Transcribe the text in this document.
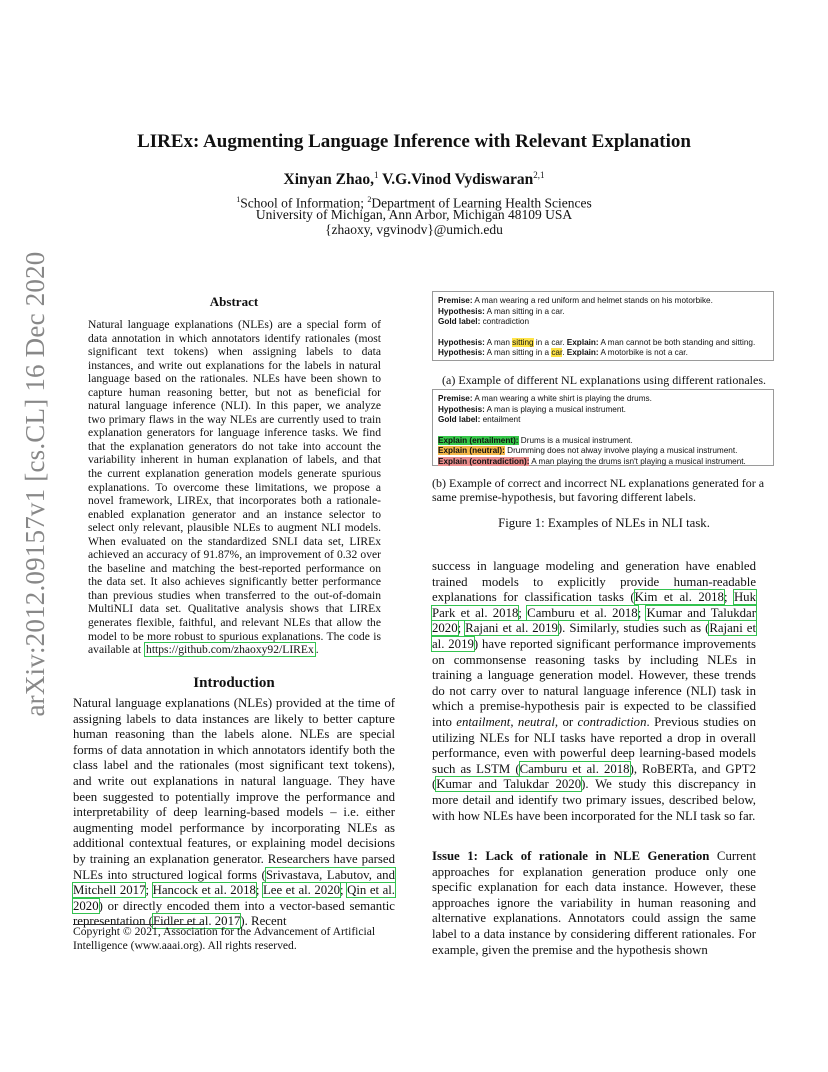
arXiv:2012.09157v1 [cs.CL] 16 Dec 2020
LIREx: Augmenting Language Inference with Relevant Explanation
Xinyan Zhao,$^1$ V.G.Vinod Vydiswaran$^{2,1}$
$^1$School of Information; $^2$Department of Learning Health Sciences
University of Michigan, Ann Arbor, Michigan 48109 USA
{zhaoxy, vgvinodv}@umich.edu
Abstract
Natural language explanations (NLEs) are a special form of data annotation in which annotators identify rationales (most significant text tokens) when assigning labels to data instances, and write out explanations for the labels in natural language based on the rationales. NLEs have been shown to capture human reasoning better, but not as beneficial for natural language inference (NLI). In this paper, we analyze two primary flaws in the way NLEs are currently used to train explanation generators for language inference tasks. We find that the explanation generators do not take into account the variability inherent in human explanation of labels, and that the current explanation generation models generate spurious explanations. To overcome these limitations, we propose a novel framework, LIREx, that incorporates both a rationale-enabled explanation generator and an instance selector to select only relevant, plausible NLEs to augment NLI models. When evaluated on the standardized SNLI data set, LIREx achieved an accuracy of 91.87%, an improvement of 0.32 over the baseline and matching the best-reported performance on the data set. It also achieves significantly better performance than previous studies when transferred to the out-of-domain MultiNLI data set. Qualitative analysis shows that LIREx generates flexible, faithful, and relevant NLEs that allow the model to be more robust to spurious explanations. The code is available at https://github.com/zhaoxy92/LIREx .
Introduction
Natural language explanations (NLEs) provided at the time of assigning labels to data instances are likely to better capture human reasoning than the labels alone. NLEs are special forms of data annotation in which annotators identify both the class label and the rationales (most significant text tokens), and write out explanations in natural language. They have been suggested to potentially improve the performance and interpretability of deep learning-based models – i.e. either augmenting model performance by incorporating NLEs as additional contextual features, or explaining model decisions by training an explanation generator. Researchers have parsed NLEs into structured logical forms (Srivastava, Labutov, and Mitchell 2017; Hancock et al. 2018; Lee et al. 2020; Qin et al. 2020) or directly encoded them into a vector-based semantic representation (Fidler et al. 2017). Recent
Copyright © 2021, Association for the Advancement of Artificial Intelligence (www.aaai.org). All rights reserved.
Premise: A man wearing a red uniform and helmet stands on his motorbike.
Hypothesis: A man sitting in a car.
Gold label: contradiction
Hypothesis: A man sitting in a car. Explain: A man cannot be both standing and sitting.
Hypothesis: A man sitting in a car. Explain: A motorbike is not a car.
(a) Example of different NL explanations using different rationales.
Premise: A man wearing a white shirt is playing the drums.
Hypothesis: A man is playing a musical instrument.
Gold label: entailment
Explain (entailment): Drums is a musical instrument.
Explain (neutral): Drumming does not alway involve playing a musical instrument.
Explain (contradiction): A man playing the drums isn't playing a musical instrument.
(b) Example of correct and incorrect NL explanations generated for a same premise-hypothesis, but favoring different labels.
Figure 1: Examples of NLEs in NLI task.
success in language modeling and generation have enabled trained models to explicitly provide human-readable explanations for classification tasks (Kim et al. 2018; Huk Park et al. 2018; Camburu et al. 2018; Kumar and Talukdar 2020; Rajani et al. 2019). Similarly, studies such as (Rajani et al. 2019) have reported significant performance improvements on commonsense reasoning tasks by including NLEs in training a language generation model. However, these trends do not carry over to natural language inference (NLI) task in which a premise-hypothesis pair is expected to be classified into entailment, neutral, or contradiction. Previous studies on utilizing NLEs for NLI tasks have reported a drop in overall performance, even with powerful deep learning-based models such as LSTM (Camburu et al. 2018), RoBERTa, and GPT2 (Kumar and Talukdar 2020). We study this discrepancy in more detail and identify two primary issues, described below, with how NLEs have been incorporated for the NLI task so far.
Issue 1: Lack of rationale in NLE Generation Current approaches for explanation generation produce only one specific explanation for each data instance. However, these approaches ignore the variability in human reasoning and alternative explanations. Annotators could assign the same label to a data instance by considering different rationales. For example, given the premise and the hypothesis shown
